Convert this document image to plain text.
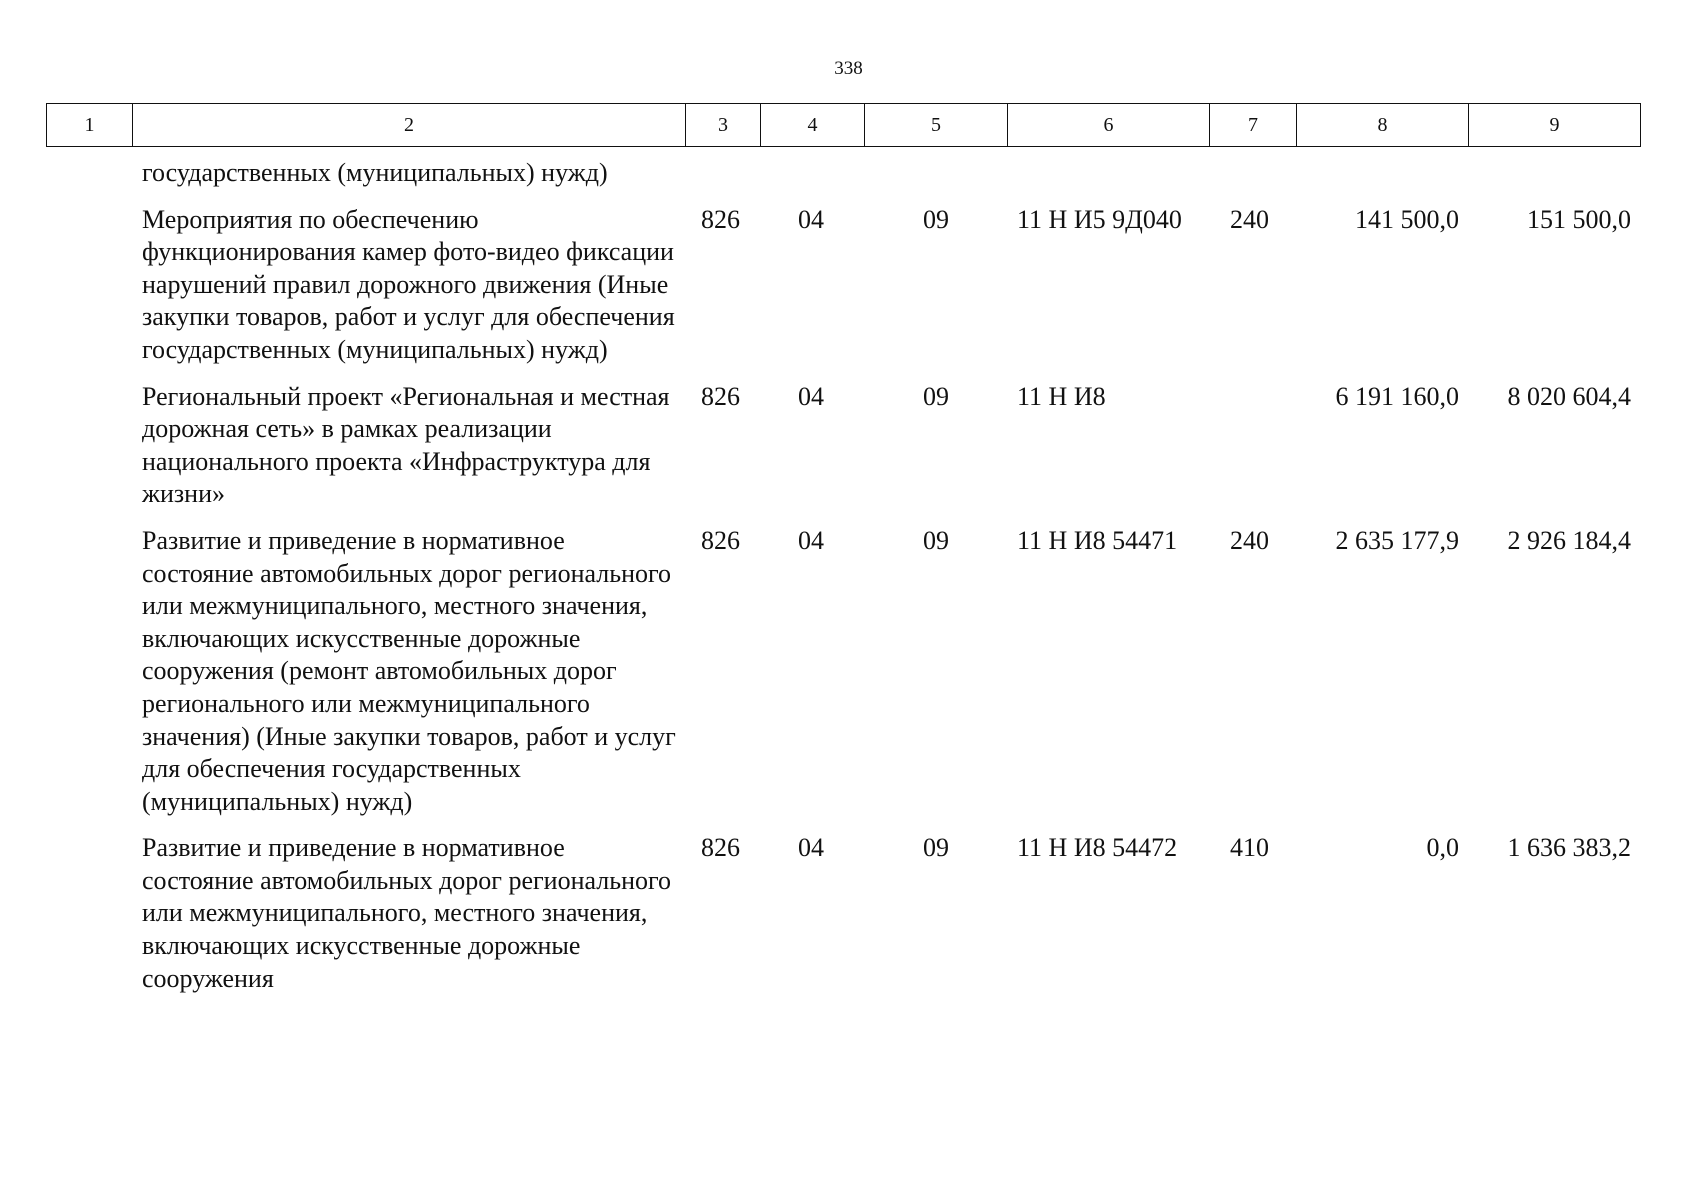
338
1	2	3	4	5	6	7	8	9
государственных (муниципальных) нужд)							
Мероприятия по обеспечению функционирования камер фото-видео фиксации нарушений правил дорожного движения (Иные закупки товаров, работ и услуг для обеспечения государственных (муниципальных) нужд)	826	04	09	11 Н И5 9Д040	240	141 500,0	151 500,0
Региональный проект «Региональная и местная дорожная сеть» в рамках реализации национального проекта «Инфраструктура для жизни»	826	04	09	11 Н И8		6 191 160,0	8 020 604,4
Развитие и приведение в нормативное состояние автомобильных дорог регионального или межмуниципального, местного значения, включающих искусственные дорожные сооружения (ремонт автомобильных дорог регионального или межмуниципального значения) (Иные закупки товаров, работ и услуг для обеспечения государственных (муниципальных) нужд)	826	04	09	11 Н И8 54471	240	2 635 177,9	2 926 184,4
Развитие и приведение в нормативное состояние автомобильных дорог регионального или межмуниципального, местного значения, включающих искусственные дорожные сооружения	826	04	09	11 Н И8 54472	410	0,0	1 636 383,2
